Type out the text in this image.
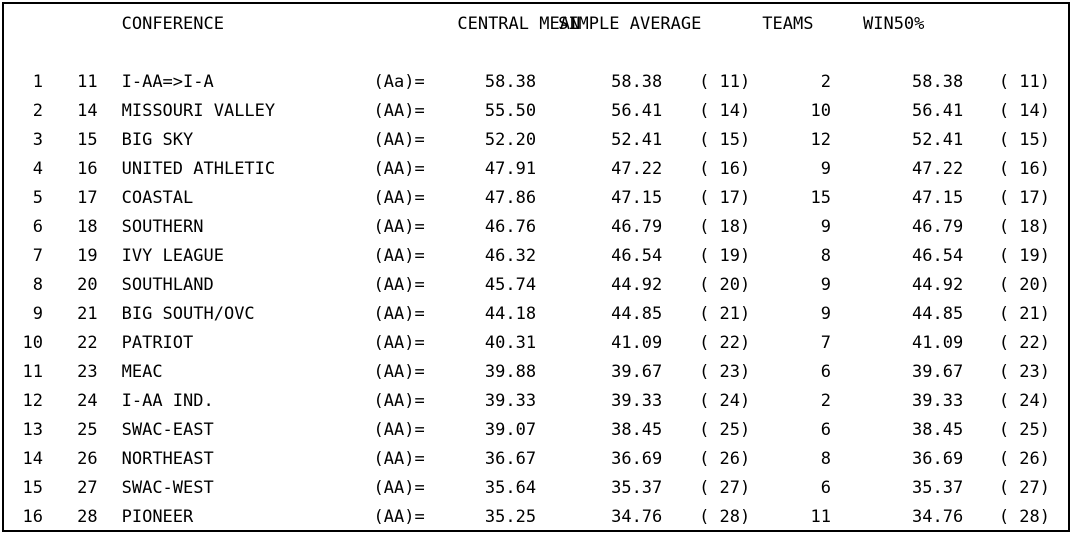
		CONFERENCE		CENTRAL MEAN	SIMPLE AVERAGE		TEAMS	WIN50%	

1	11	I-AA=>I-A	(Aa)=	58.38	58.38	( 11)	2	58.38	( 11)
2	14	MISSOURI VALLEY	(AA)=	55.50	56.41	( 14)	10	56.41	( 14)
3	15	BIG SKY	(AA)=	52.20	52.41	( 15)	12	52.41	( 15)
4	16	UNITED ATHLETIC	(AA)=	47.91	47.22	( 16)	9	47.22	( 16)
5	17	COASTAL	(AA)=	47.86	47.15	( 17)	15	47.15	( 17)
6	18	SOUTHERN	(AA)=	46.76	46.79	( 18)	9	46.79	( 18)
7	19	IVY LEAGUE	(AA)=	46.32	46.54	( 19)	8	46.54	( 19)
8	20	SOUTHLAND	(AA)=	45.74	44.92	( 20)	9	44.92	( 20)
9	21	BIG SOUTH/OVC	(AA)=	44.18	44.85	( 21)	9	44.85	( 21)
10	22	PATRIOT	(AA)=	40.31	41.09	( 22)	7	41.09	( 22)
11	23	MEAC	(AA)=	39.88	39.67	( 23)	6	39.67	( 23)
12	24	I-AA IND.	(AA)=	39.33	39.33	( 24)	2	39.33	( 24)
13	25	SWAC-EAST	(AA)=	39.07	38.45	( 25)	6	38.45	( 25)
14	26	NORTHEAST	(AA)=	36.67	36.69	( 26)	8	36.69	( 26)
15	27	SWAC-WEST	(AA)=	35.64	35.37	( 27)	6	35.37	( 27)
16	28	PIONEER	(AA)=	35.25	34.76	( 28)	11	34.76	( 28)
